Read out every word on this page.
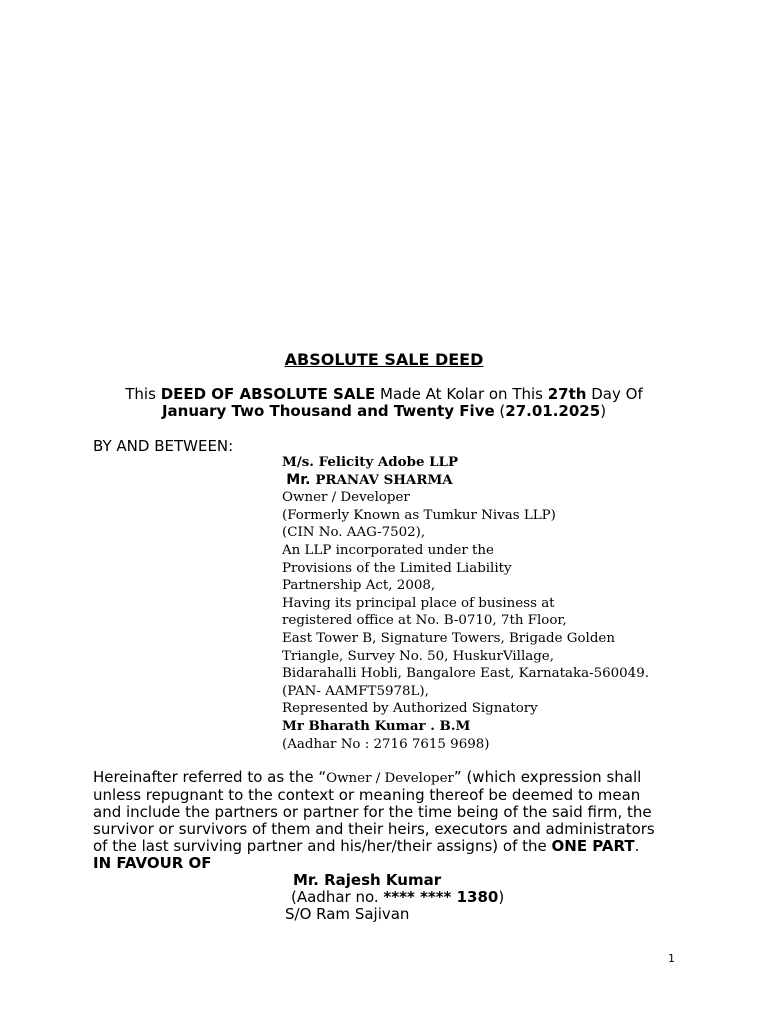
ABSOLUTE SALE DEED
This DEED OF ABSOLUTE SALE Made At Kolar on This 27th Day Of
January Two Thousand and Twenty Five (27.01.2025)
BY AND BETWEEN:
M/s. Felicity Adobe LLP
Mr. PRANAV SHARMA
Owner / Developer
(Formerly Known as Tumkur Nivas LLP)
(CIN No. AAG-7502),
An LLP incorporated under the
Provisions of the Limited Liability
Partnership Act, 2008,
Having its principal place of business at
registered office at No. B-0710, 7th Floor,
East Tower B, Signature Towers, Brigade Golden
Triangle, Survey No. 50, HuskurVillage,
Bidarahalli Hobli, Bangalore East, Karnataka-560049.
(PAN- AAMFT5978L),
Represented by Authorized Signatory
Mr Bharath Kumar . B.M
(Aadhar No : 2716 7615 9698)
Hereinafter referred to as the “Owner / Developer” (which expression shall
unless repugnant to the context or meaning thereof be deemed to mean
and include the partners or partner for the time being of the said firm, the
survivor or survivors of them and their heirs, executors and administrators
of the last surviving partner and his/her/their assigns) of the ONE PART.
IN FAVOUR OF
Mr. Rajesh Kumar
(Aadhar no. **** **** 1380)
S/O Ram Sajivan
1
